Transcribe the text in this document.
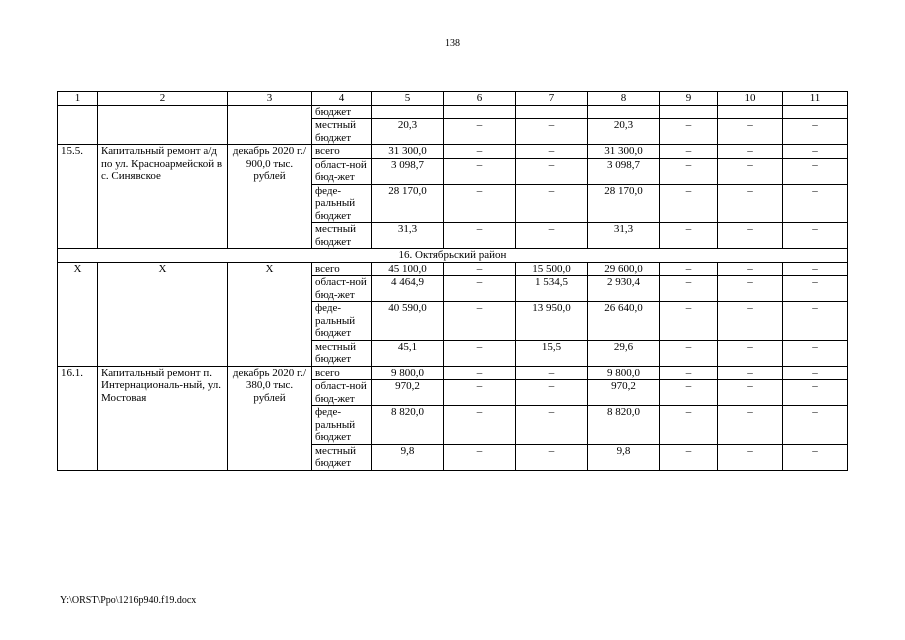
138
1	2	3	4	5	6	7	8	9	10	11
			бюджет							
			местный бюджет	20,3	–	–	20,3	–	–	–
15.5.	Капитальный ремонт а/д по ул. Красноармейской в с. Синявское	декабрь 2020 г./ 900,0 тыс. рублей	всего	31 300,0	–	–	31 300,0	–	–	–
			област-ной бюд-жет	3 098,7	–	–	3 098,7	–	–	–
			феде-ральный бюджет	28 170,0	–	–	28 170,0	–	–	–
			местный бюджет	31,3	–	–	31,3	–	–	–
16. Октябрьский район										
Х	Х	Х	всего	45 100,0	–	15 500,0	29 600,0	–	–	–
			област-ной бюд-жет	4 464,9	–	1 534,5	2 930,4	–	–	–
			феде-ральный бюджет	40 590,0	–	13 950,0	26 640,0	–	–	–
			местный бюджет	45,1	–	15,5	29,6	–	–	–
16.1.	Капитальный ремонт п. Интернациональ-ный, ул. Мостовая	декабрь 2020 г./ 380,0 тыс. рублей	всего	9 800,0	–	–	9 800,0	–	–	–
			област-ной бюд-жет	970,2	–	–	970,2	–	–	–
			феде-ральный бюджет	8 820,0	–	–	8 820,0	–	–	–
			местный бюджет	9,8	–	–	9,8	–	–	–
Y:\ORST\Ppo\1216p940.f19.docx
